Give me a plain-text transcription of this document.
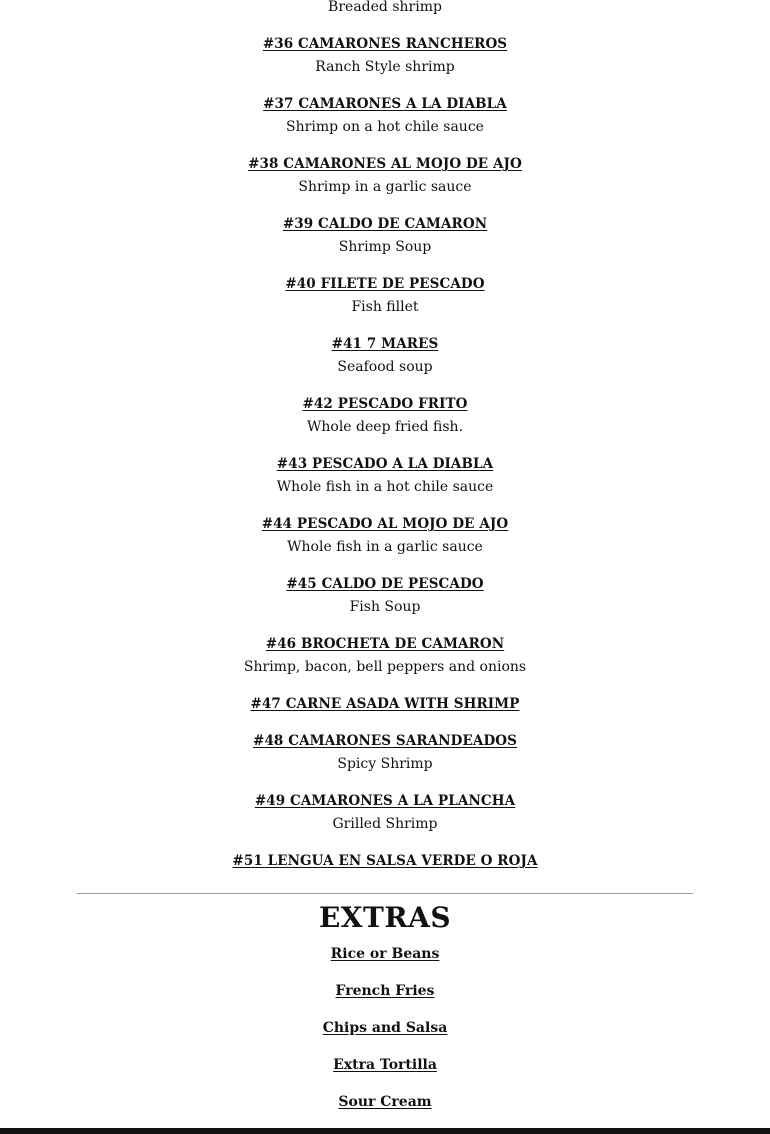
Breaded shrimp
#36 CAMARONES RANCHEROS
Ranch Style shrimp
#37 CAMARONES A LA DIABLA
Shrimp on a hot chile sauce
#38 CAMARONES AL MOJO DE AJO
Shrimp in a garlic sauce
#39 CALDO DE CAMARON
Shrimp Soup
#40 FILETE DE PESCADO
Fish fillet
#41 7 MARES
Seafood soup
#42 PESCADO FRITO
Whole deep fried fish.
#43 PESCADO A LA DIABLA
Whole fish in a hot chile sauce
#44 PESCADO AL MOJO DE AJO
Whole fish in a garlic sauce
#45 CALDO DE PESCADO
Fish Soup
#46 BROCHETA DE CAMARON
Shrimp, bacon, bell peppers and onions
#47 CARNE ASADA WITH SHRIMP
#48 CAMARONES SARANDEADOS
Spicy Shrimp
#49 CAMARONES A LA PLANCHA
Grilled Shrimp
#51 LENGUA EN SALSA VERDE O ROJA
EXTRAS
Rice or Beans
French Fries
Chips and Salsa
Extra Tortilla
Sour Cream
